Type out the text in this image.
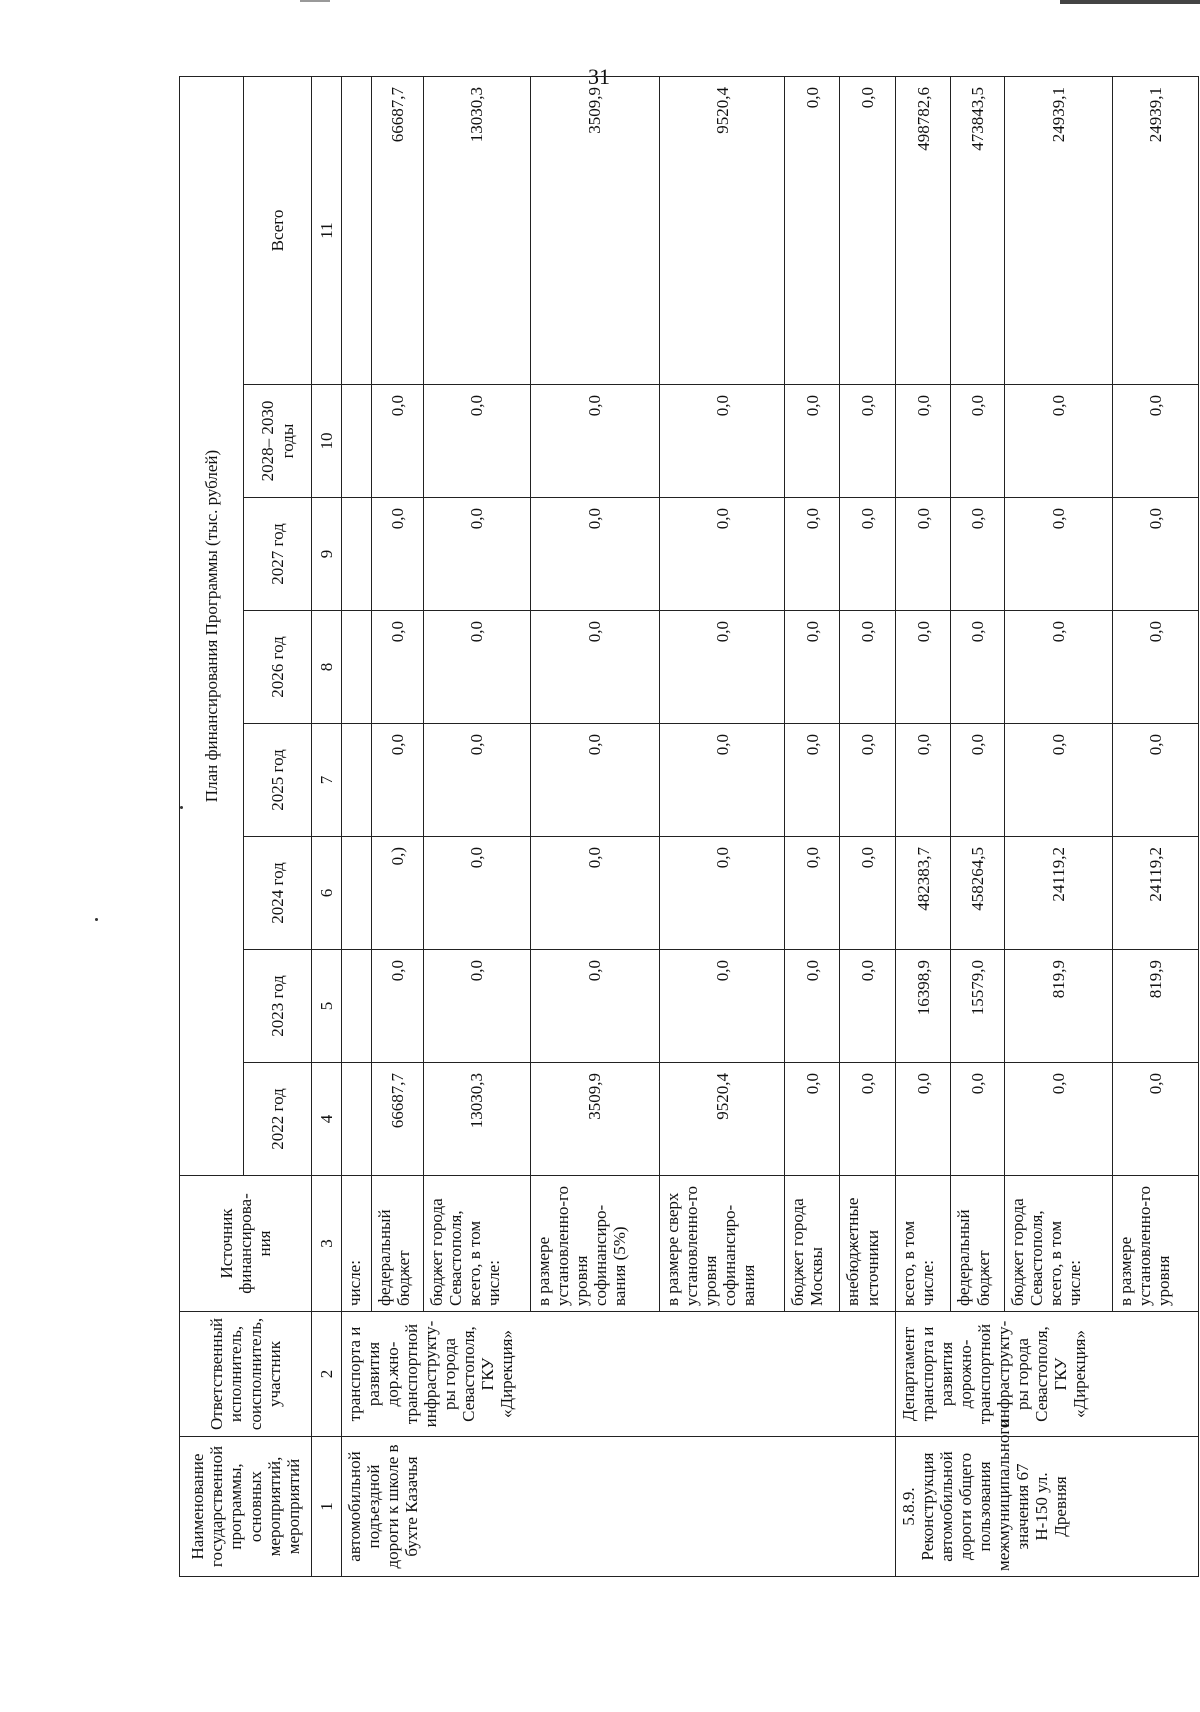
31
Наименование государственной программы, основных мероприятий, мероприятий	Ответственный исполнитель, соисполнитель, участник	Источник финансирова-ния	План финансирования Программы (тыс. рублей)							
			2022 год	2023 год	2024 год	2025 год	2026 год	2027 год	2028– 2030 годы	Всего
1	2	3	4	5	6	7	8	9	10	11
автомобильной подъездной дороги к школе в бухте Казачья	транспорта и развития дор.жно-транспортной инфраструкту-ры города Севастополя, ГКУ «Дирекция»	числе:								
		федеральный бюджет	66687,7	0,0	0,)	0,0	0,0	0,0	0,0	66687,7
		бюджет города Севастополя, всего, в том числе:	13030,3	0,0	0,0	0,0	0,0	0,0	0,0	13030,3
		в размере установленно-го уровня софинансиро-вания (5%)	3509,9	0,0	0,0	0,0	0,0	0,0	0,0	3509,9
		в размере сверх установленно-го уровня софинансиро-вания	9520,4	0,0	0,0	0,0	0,0	0,0	0,0	9520,4
		бюджет города Москвы	0,0	0,0	0,0	0,0	0,0	0,0	0,0	0,0
		внебюджетные источники	0,0	0,0	0,0	0,0	0,0	0,0	0,0	0,0
5.8.9. Реконструкция автомобильной дороги общего пользования межмуниципального значения 67 Н-150 ул. Древняя	Департамент транспорта и развития дорожно-транспортной инфраструкту-ры города Севастополя, ГКУ «Дирекция»	всего, в том числе:	0,0	16398,9	482383,7	0,0	0,0	0,0	0,0	498782,6
		федеральный бюджет	0,0	15579,0	458264,5	0,0	0,0	0,0	0,0	473843,5
		бюджет города Севастополя, всего, в том числе:	0,0	819,9	24119,2	0,0	0,0	0,0	0,0	24939,1
		в размере установленно-го уровня	0,0	819,9	24119,2	0,0	0,0	0,0	0,0	24939,1
